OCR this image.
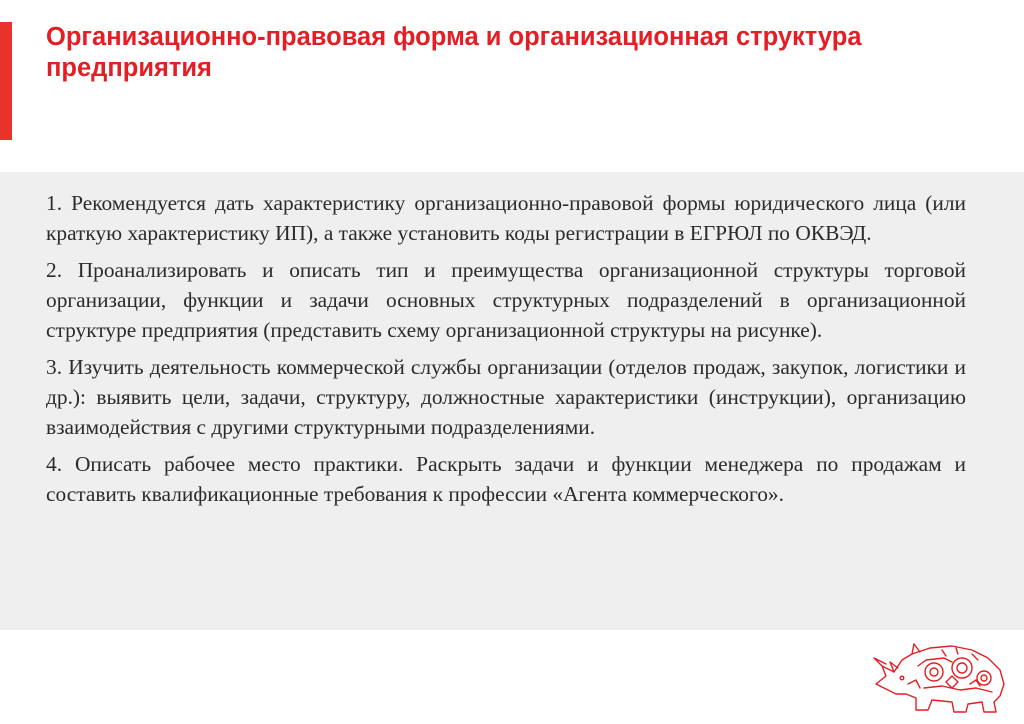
Организационно-правовая форма и организационная структура предприятия

1. Рекомендуется дать характеристику организационно-правовой формы юридического лица (или краткую характеристику ИП), а также установить коды регистрации в ЕГРЮЛ по ОКВЭД.

2. Проанализировать и описать тип и преимущества организационной структуры торговой организации, функции и задачи основных структурных подразделений в организационной структуре предприятия (представить схему организационной структуры на рисунке).

3. Изучить деятельность коммерческой службы организации (отделов продаж, закупок, логистики и др.): выявить цели, задачи, структуру, должностные характеристики (инструкции), организацию взаимодействия с другими структурными подразделениями.

4. Описать рабочее место практики. Раскрыть задачи и функции менеджера по продажам и составить квалификационные требования к профессии «Агента коммерческого».
